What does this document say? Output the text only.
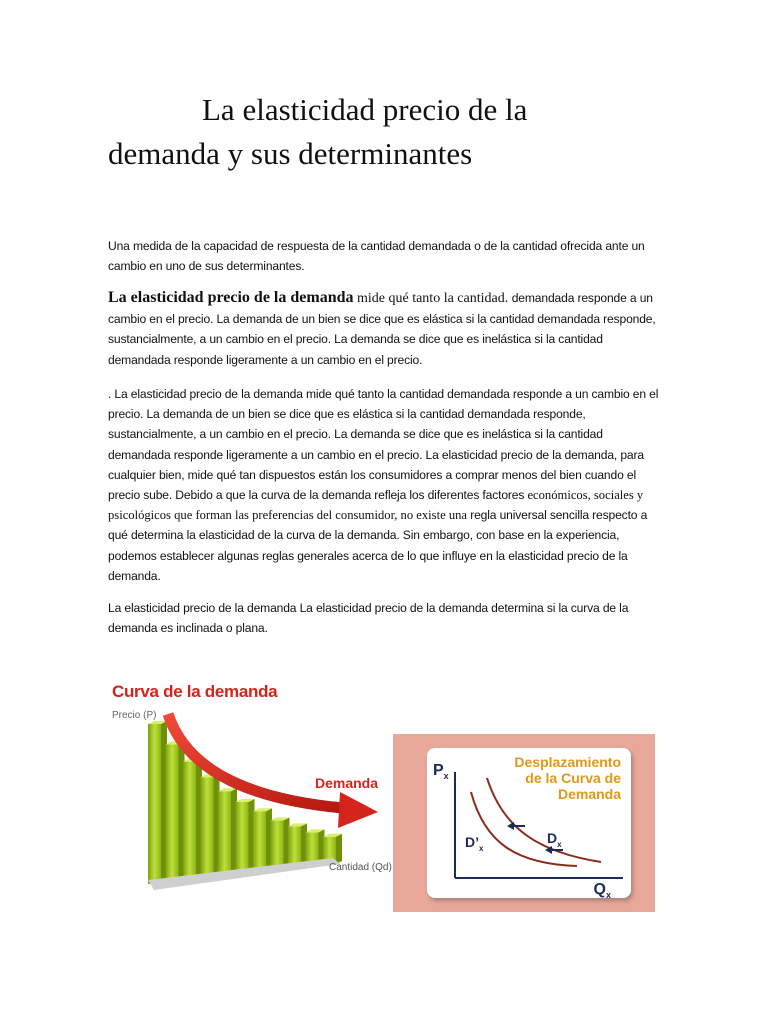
La elasticidad precio de la
demanda y sus determinantes

Una medida de la capacidad de respuesta de la cantidad demandada o de la cantidad ofrecida ante un cambio en uno de sus determinantes.

La elasticidad precio de la demanda mide qué tanto la cantidad. demandada responde a un cambio en el precio. La demanda de un bien se dice que es elástica si la cantidad demandada responde, sustancialmente, a un cambio en el precio. La demanda se dice que es inelástica si la cantidad demandada responde ligeramente a un cambio en el precio.

. La elasticidad precio de la demanda mide qué tanto la cantidad demandada responde a un cambio en el precio. La demanda de un bien se dice que es elástica si la cantidad demandada responde, sustancialmente, a un cambio en el precio. La demanda se dice que es inelástica si la cantidad demandada responde ligeramente a un cambio en el precio. La elasticidad precio de la demanda, para cualquier bien, mide qué tan dispuestos están los consumidores a comprar menos del bien cuando el precio sube. Debido a que la curva de la demanda refleja los diferentes factores económicos, sociales y psicológicos que forman las preferencias del consumidor, no existe una regla universal sencilla respecto a qué determina la elasticidad de la curva de la demanda. Sin embargo, con base en la experiencia, podemos establecer algunas reglas generales acerca de lo que influye en la elasticidad precio de la demanda.

La elasticidad precio de la demanda La elasticidad precio de la demanda determina si la curva de la demanda es inclinada o plana.

Curva de la demanda
Precio (P)
Demanda
Cantidad (Qd)
Desplazamiento
de la Curva de
Demanda
$P_x$
$Q_x$
$D’_x$
$D_x$
